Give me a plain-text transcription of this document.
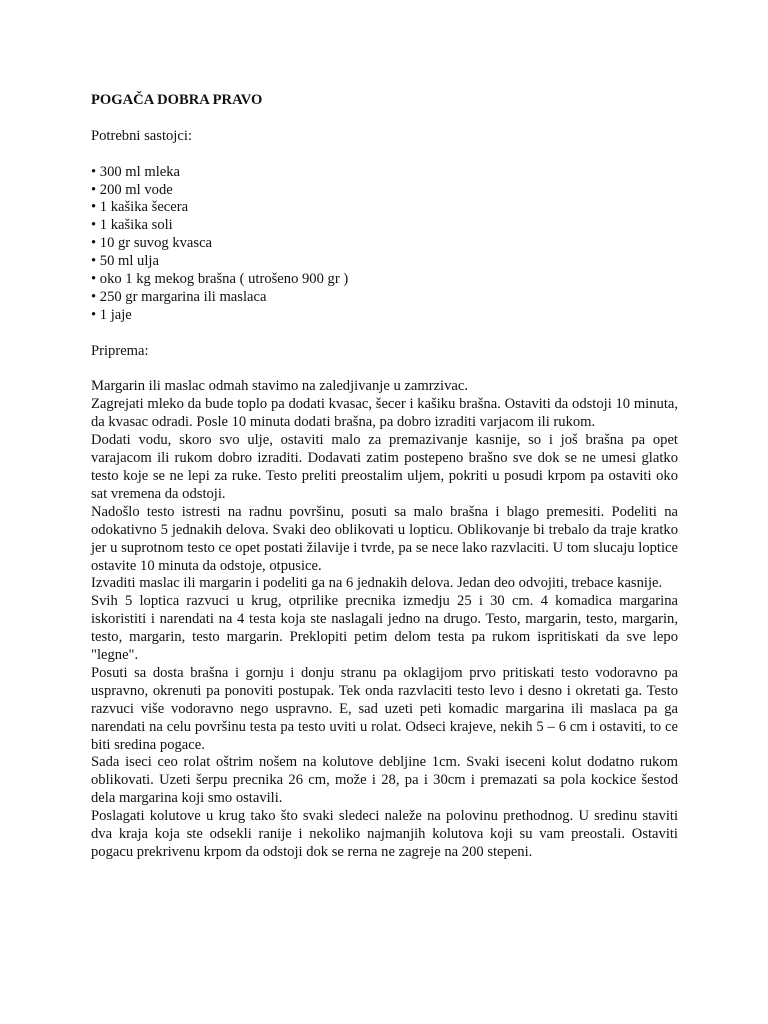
POGAČA DOBRA PRAVO

Potrebni sastojci:

• 300 ml mleka
• 200 ml vode
• 1 kašika šecera
• 1 kašika soli
• 10 gr suvog kvasca
• 50 ml ulja
• oko 1 kg mekog brašna ( utrošeno 900 gr )
• 250 gr margarina ili maslaca
• 1 jaje

Priprema:

Margarin ili maslac odmah stavimo na zaledjivanje u zamrzivac.

Zagrejati mleko da bude toplo pa dodati kvasac, šecer i kašiku brašna. Ostaviti da odstoji 10 minuta, da kvasac odradi. Posle 10 minuta dodati brašna, pa dobro izraditi varjacom ili rukom.

Dodati vodu, skoro svo ulje, ostaviti malo za premazivanje kasnije, so i još brašna pa opet varajacom ili rukom dobro izraditi. Dodavati zatim postepeno brašno sve dok se ne umesi glatko testo koje se ne lepi za ruke. Testo preliti preostalim uljem, pokriti u posudi krpom pa ostaviti oko sat vremena da odstoji.

Nadošlo testo istresti na radnu površinu, posuti sa malo brašna i blago premesiti. Podeliti na odokativno 5 jednakih delova. Svaki deo oblikovati u lopticu. Oblikovanje bi trebalo da traje kratko jer u suprotnom testo ce opet postati žilavije i tvrde, pa se nece lako razvlaciti. U tom slucaju loptice ostavite 10 minuta da odstoje, otpusice.

Izvaditi maslac ili margarin i podeliti ga na 6 jednakih delova. Jedan deo odvojiti, trebace kasnije.

Svih 5 loptica razvuci u krug, otprilike precnika izmedju 25 i 30 cm. 4 komadica margarina iskoristiti i narendati na 4 testa koja ste naslagali jedno na drugo. Testo, margarin, testo, margarin, testo, margarin, testo margarin. Preklopiti petim delom testa pa rukom ispritiskati da sve lepo "legne".

Posuti sa dosta brašna i gornju i donju stranu pa oklagijom prvo pritiskati testo vodoravno pa uspravno, okrenuti pa ponoviti postupak. Tek onda razvlaciti testo levo i desno i okretati ga. Testo razvuci više vodoravno nego uspravno. E, sad uzeti peti komadic margarina ili maslaca pa ga narendati na celu površinu testa pa testo uviti u rolat. Odseci krajeve, nekih 5 – 6 cm i ostaviti, to ce biti sredina pogace.

Sada iseci ceo rolat oštrim nošem na kolutove debljine 1cm. Svaki iseceni kolut dodatno rukom oblikovati. Uzeti šerpu precnika 26 cm, može i 28, pa i 30cm i premazati sa pola kockice šestod dela margarina koji smo ostavili.

Poslagati kolutove u krug tako što svaki sledeci naleže na polovinu prethodnog. U sredinu staviti dva kraja koja ste odsekli ranije i nekoliko najmanjih kolutova koji su vam preostali. Ostaviti pogacu prekrivenu krpom da odstoji dok se rerna ne zagreje na 200 stepeni.
